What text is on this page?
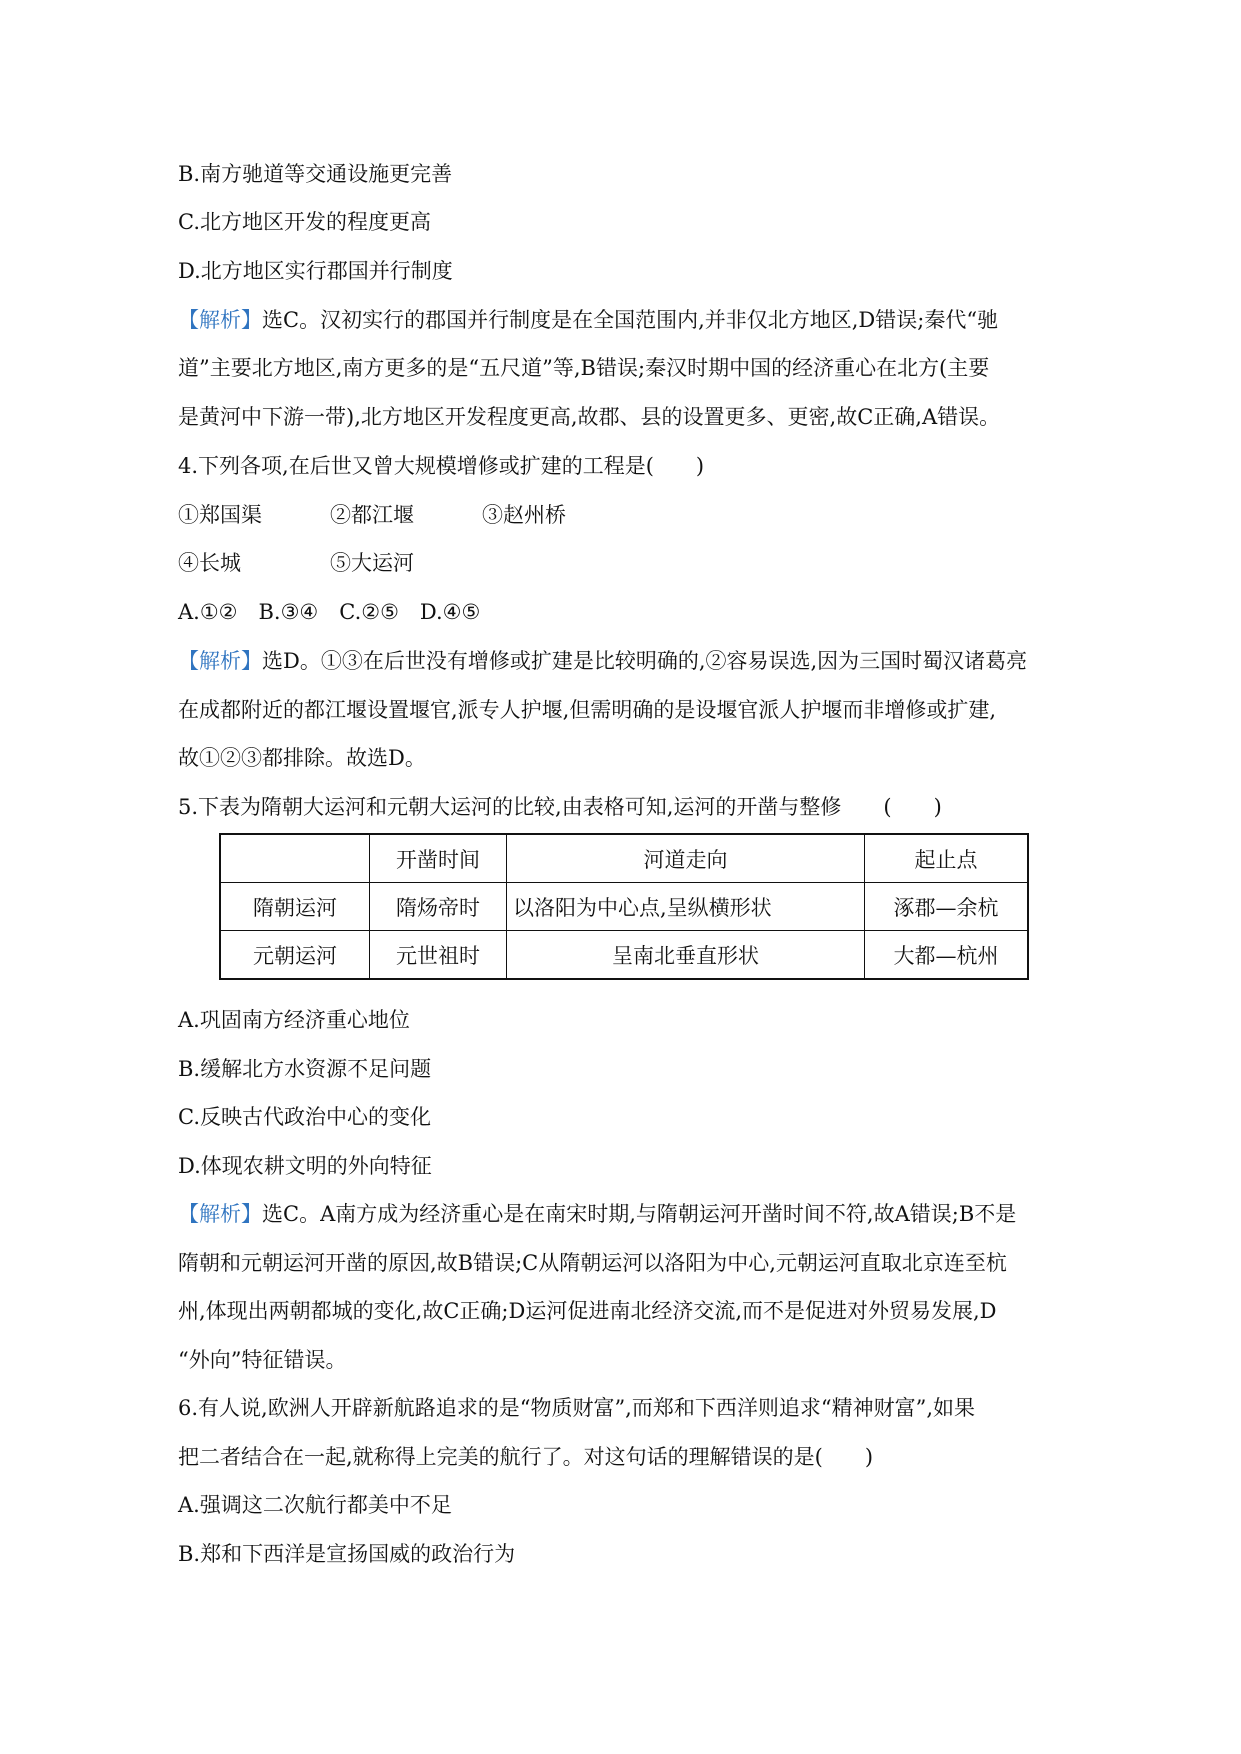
B.南方驰道等交通设施更完善
C.北方地区开发的程度更高
D.北方地区实行郡国并行制度
【解析】选C。汉初实行的郡国并行制度是在全国范围内,并非仅北方地区,D错误;秦代“驰
道”主要北方地区,南方更多的是“五尺道”等,B错误;秦汉时期中国的经济重心在北方(主要
是黄河中下游一带),北方地区开发程度更高,故郡、县的设置更多、更密,故C正确,A错误。
4.下列各项,在后世又曾大规模增修或扩建的工程是(　　)
①郑国渠	②都江堰	③赵州桥
④长城	⑤大运河
A.①②　B.③④　C.②⑤　D.④⑤
【解析】选D。①③在后世没有增修或扩建是比较明确的,②容易误选,因为三国时蜀汉诸葛亮
在成都附近的都江堰设置堰官,派专人护堰,但需明确的是设堰官派人护堰而非增修或扩建,
故①②③都排除。故选D。
5.下表为隋朝大运河和元朝大运河的比较,由表格可知,运河的开凿与整修　　(　　)
	开凿时间	河道走向	起止点
隋朝运河	隋炀帝时	以洛阳为中心点,呈纵横形状	涿郡—余杭
元朝运河	元世祖时	呈南北垂直形状	大都—杭州
A.巩固南方经济重心地位
B.缓解北方水资源不足问题
C.反映古代政治中心的变化
D.体现农耕文明的外向特征
【解析】选C。A南方成为经济重心是在南宋时期,与隋朝运河开凿时间不符,故A错误;B不是
隋朝和元朝运河开凿的原因,故B错误;C从隋朝运河以洛阳为中心,元朝运河直取北京连至杭
州,体现出两朝都城的变化,故C正确;D运河促进南北经济交流,而不是促进对外贸易发展,D
“外向”特征错误。
6.有人说,欧洲人开辟新航路追求的是“物质财富”,而郑和下西洋则追求“精神财富”,如果
把二者结合在一起,就称得上完美的航行了。对这句话的理解错误的是(　　)
A.强调这二次航行都美中不足
B.郑和下西洋是宣扬国威的政治行为
